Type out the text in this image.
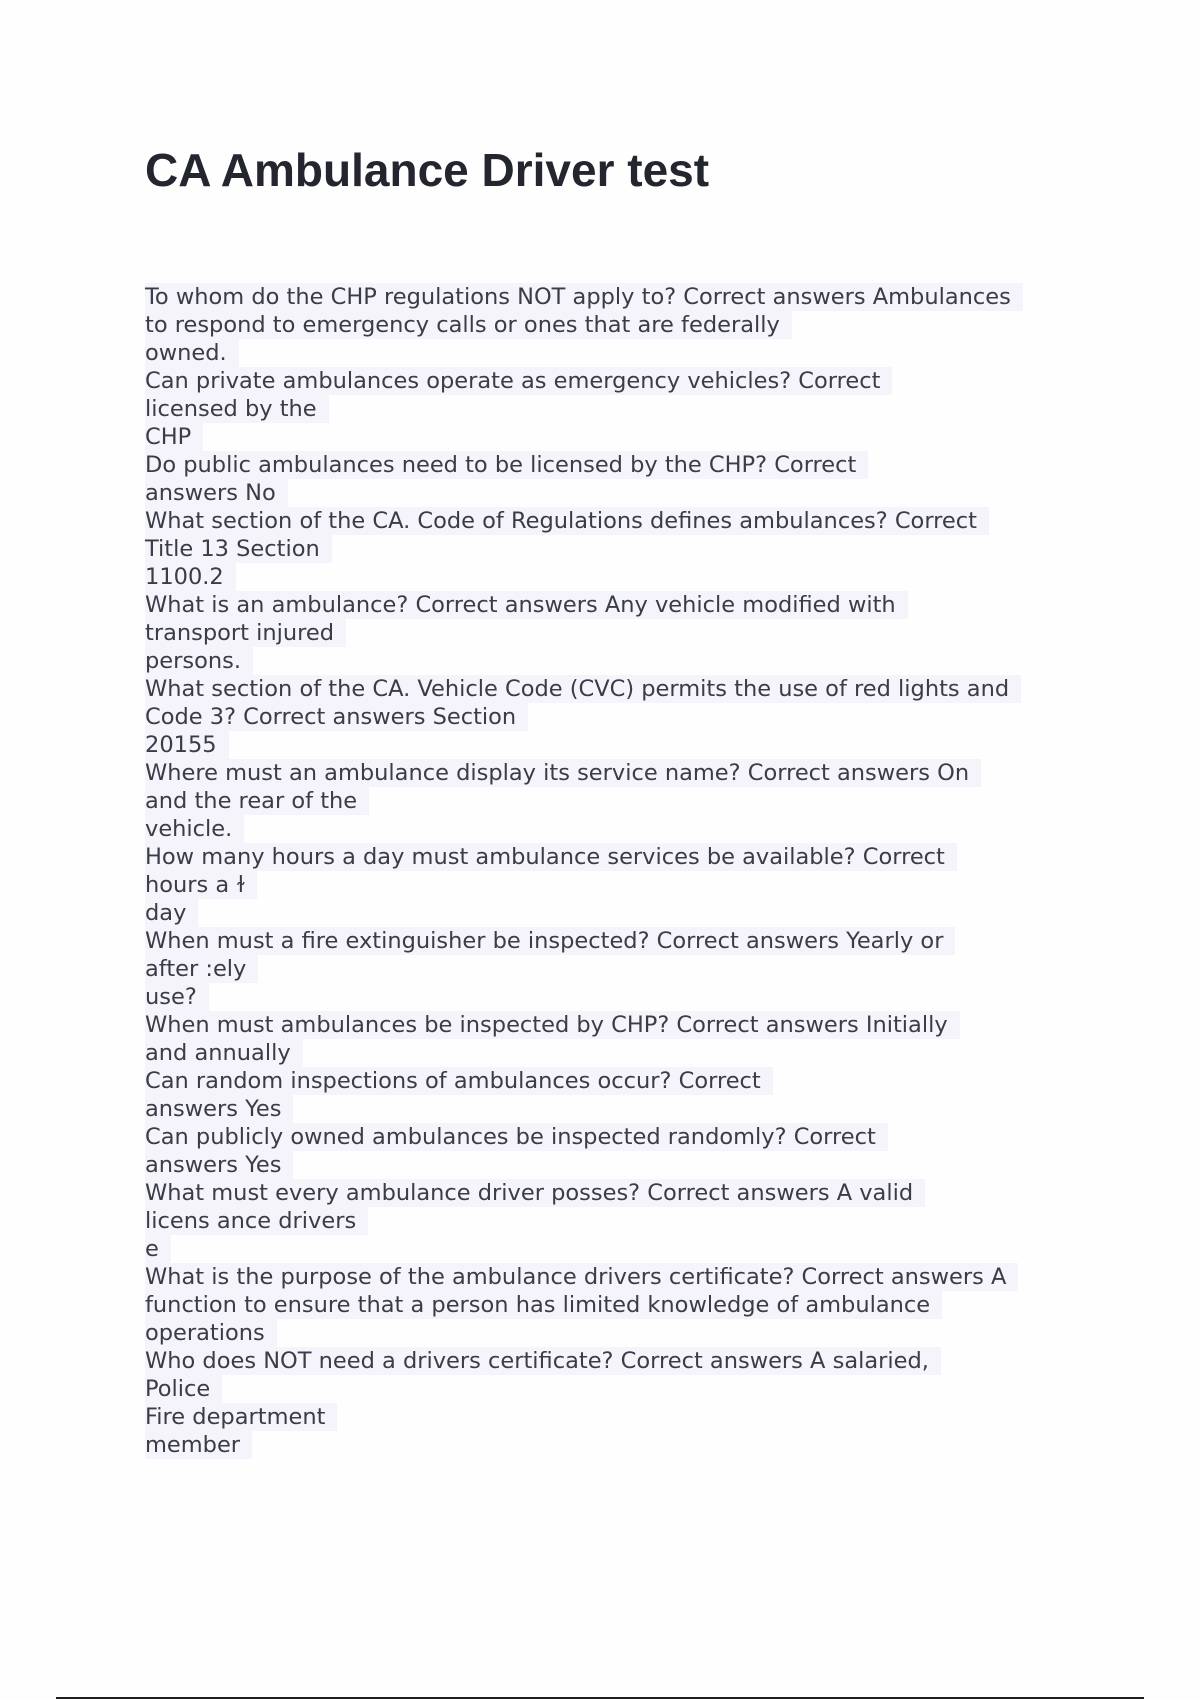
CA Ambulance Driver test
To whom do the CHP regulations NOT apply to? Correct answers Ambulances
to respond to emergency calls or ones that are federally
owned.
Can private ambulances operate as emergency vehicles? Correct
licensed by the
CHP
Do public ambulances need to be licensed by the CHP? Correct
answers No
What section of the CA. Code of Regulations defines ambulances? Correct
Title 13 Section
1100.2
What is an ambulance? Correct answers Any vehicle modified with
transport injured
persons.
What section of the CA. Vehicle Code (CVC) permits the use of red lights and
Code 3? Correct answers Section
20155
Where must an ambulance display its service name? Correct answers On
and the rear of the
vehicle.
How many hours a day must ambulance services be available? Correct
hours a ɫ
day
When must a fire extinguisher be inspected? Correct answers Yearly or
after :ely
use?
When must ambulances be inspected by CHP? Correct answers Initially
and annually
Can random inspections of ambulances occur? Correct
answers Yes
Can publicly owned ambulances be inspected randomly? Correct
answers Yes
What must every ambulance driver posses? Correct answers A valid
licens ance drivers
e
What is the purpose of the ambulance drivers certificate? Correct answers A
function to ensure that a person has limited knowledge of ambulance
operations
Who does NOT need a drivers certificate? Correct answers A salaried,
Police
Fire department
member
